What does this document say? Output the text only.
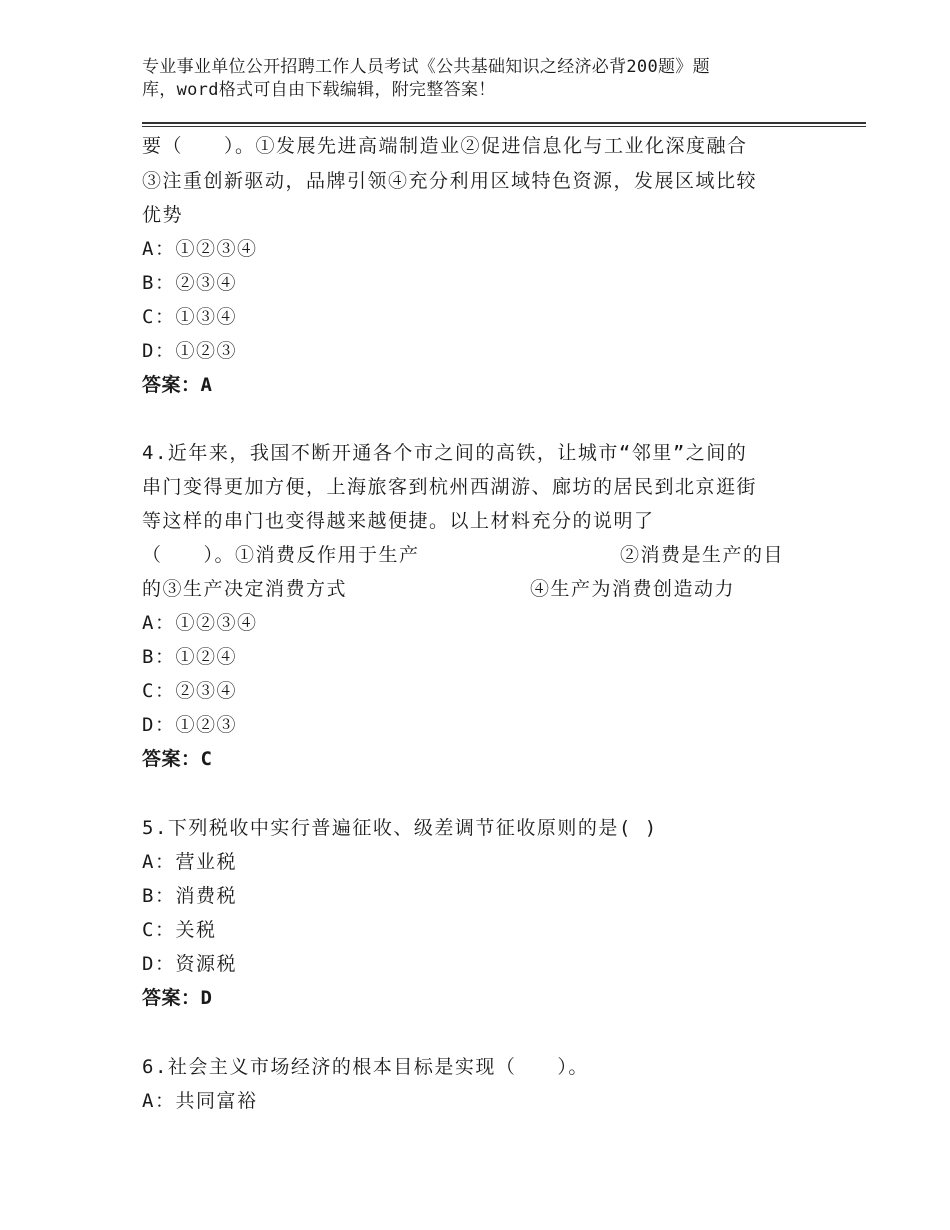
专业事业单位公开招聘工作人员考试《公共基础知识之经济必背200题》题
库，word格式可自由下载编辑，附完整答案！
要（　　）。①发展先进高端制造业②促进信息化与工业化深度融合
③注重创新驱动，品牌引领④充分利用区域特色资源，发展区域比较
优势
A：①②③④
B：②③④
C：①③④
D：①②③
答案：A
4.近年来，我国不断开通各个市之间的高铁，让城市“邻里”之间的
串门变得更加方便，上海旅客到杭州西湖游、廊坊的居民到北京逛街
等这样的串门也变得越来越便捷。以上材料充分的说明了
（　　）。①消费反作用于生产	②消费是生产的目
的③生产决定消费方式	④生产为消费创造动力
A：①②③④
B：①②④
C：②③④
D：①②③
答案：C
5.下列税收中实行普遍征收、级差调节征收原则的是( )
A：营业税
B：消费税
C：关税
D：资源税
答案：D
6.社会主义市场经济的根本目标是实现（　　）。
A：共同富裕
